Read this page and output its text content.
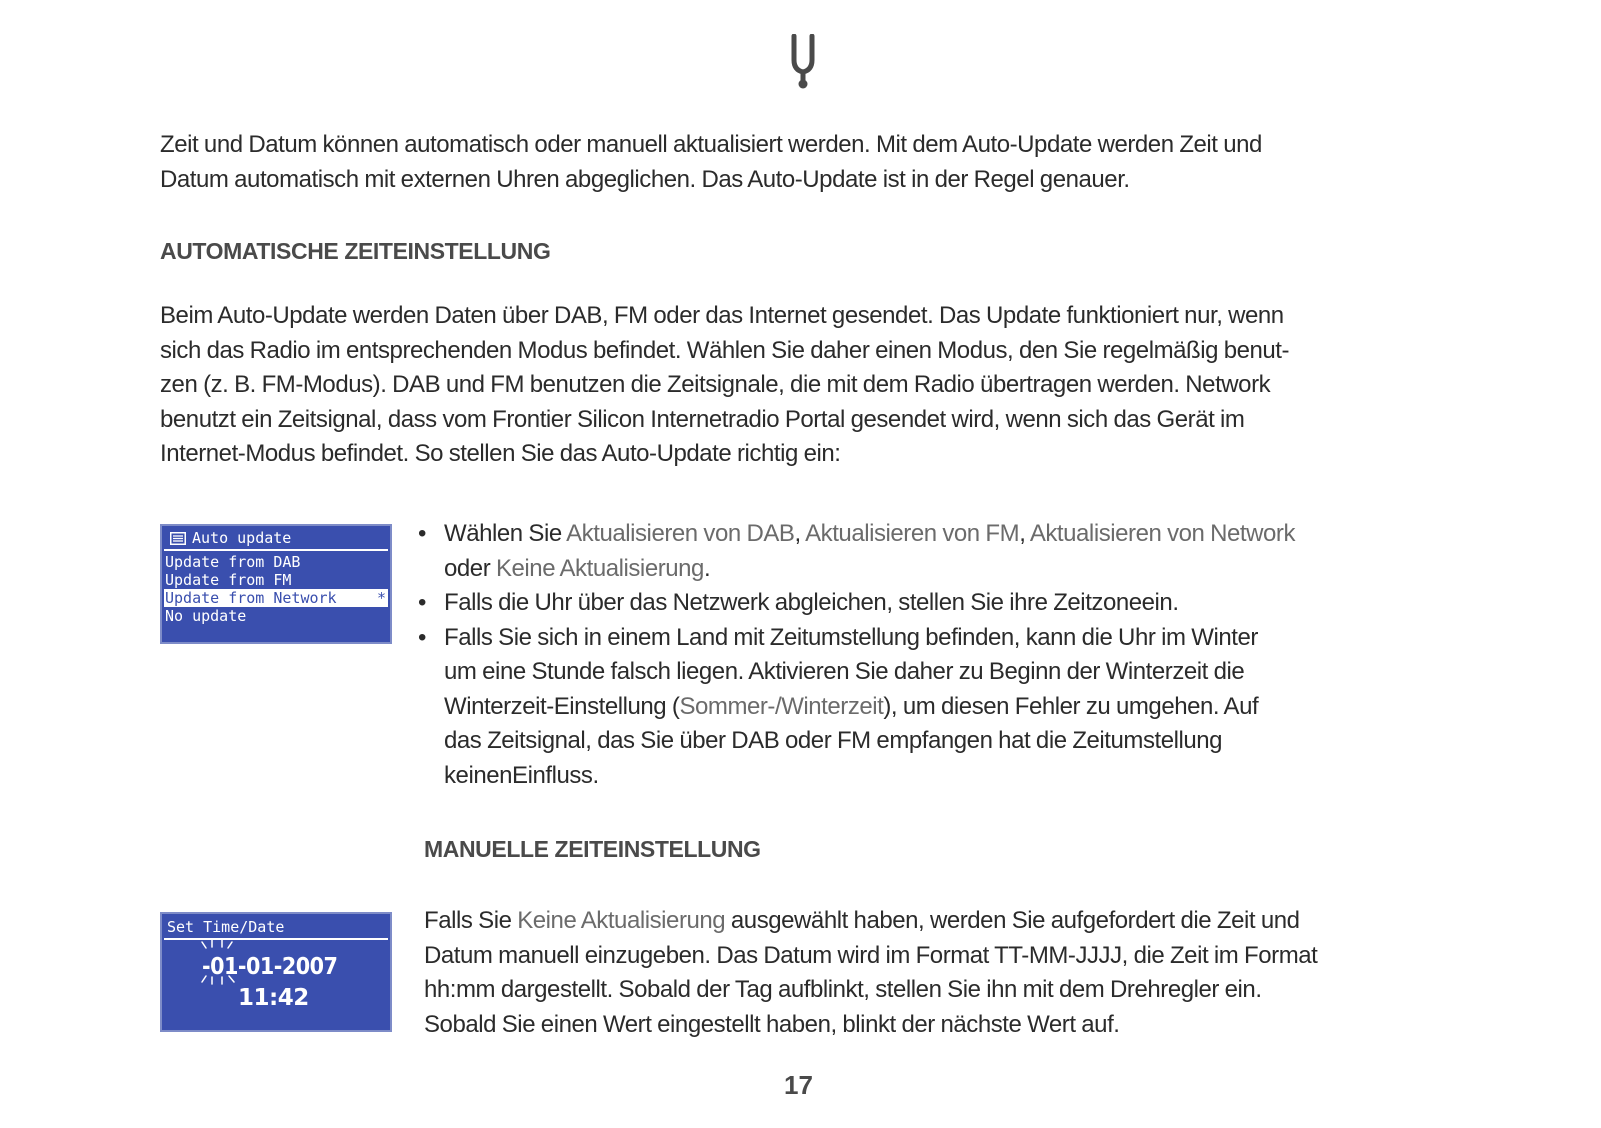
Zeit und Datum können automatisch oder manuell aktualisiert werden. Mit dem Auto-Update werden Zeit und
Datum automatisch mit externen Uhren abgeglichen. Das Auto-Update ist in der Regel genauer.
AUTOMATISCHE ZEITEINSTELLUNG
Beim Auto-Update werden Daten über DAB, FM oder das Internet gesendet. Das Update funktioniert nur, wenn
sich das Radio im entsprechenden Modus befindet. Wählen Sie daher einen Modus, den Sie regelmäßig benut-
zen (z. B. FM-Modus). DAB und FM benutzen die Zeitsignale, die mit dem Radio übertragen werden. Network
benutzt ein Zeitsignal, dass vom Frontier Silicon Internetradio Portal gesendet wird, wenn sich das Gerät im
Internet-Modus befindet. So stellen Sie das Auto-Update richtig ein:
Auto update
Update from DAB
Update from FM
Update from Network	*
No update
• Wählen Sie Aktualisieren von DAB, Aktualisieren von FM, Aktualisieren von Network
oder Keine Aktualisierung.
• Falls die Uhr über das Netzwerk abgleichen, stellen Sie ihre Zeitzoneein.
• Falls Sie sich in einem Land mit Zeitumstellung befinden, kann die Uhr im Winter
um eine Stunde falsch liegen. Aktivieren Sie daher zu Beginn der Winterzeit die
Winterzeit-Einstellung (Sommer-/Winterzeit), um diesen Fehler zu umgehen. Auf
das Zeitsignal, das Sie über DAB oder FM empfangen hat die Zeitumstellung
keinenEinfluss.
MANUELLE ZEITEINSTELLUNG
Set Time/Date
-01-01-2007
11:42
Falls Sie Keine Aktualisierung ausgewählt haben, werden Sie aufgefordert die Zeit und
Datum manuell einzugeben. Das Datum wird im Format TT-MM-JJJJ, die Zeit im Format
hh:mm dargestellt. Sobald der Tag aufblinkt, stellen Sie ihn mit dem Drehregler ein.
Sobald Sie einen Wert eingestellt haben, blinkt der nächste Wert auf.
17
